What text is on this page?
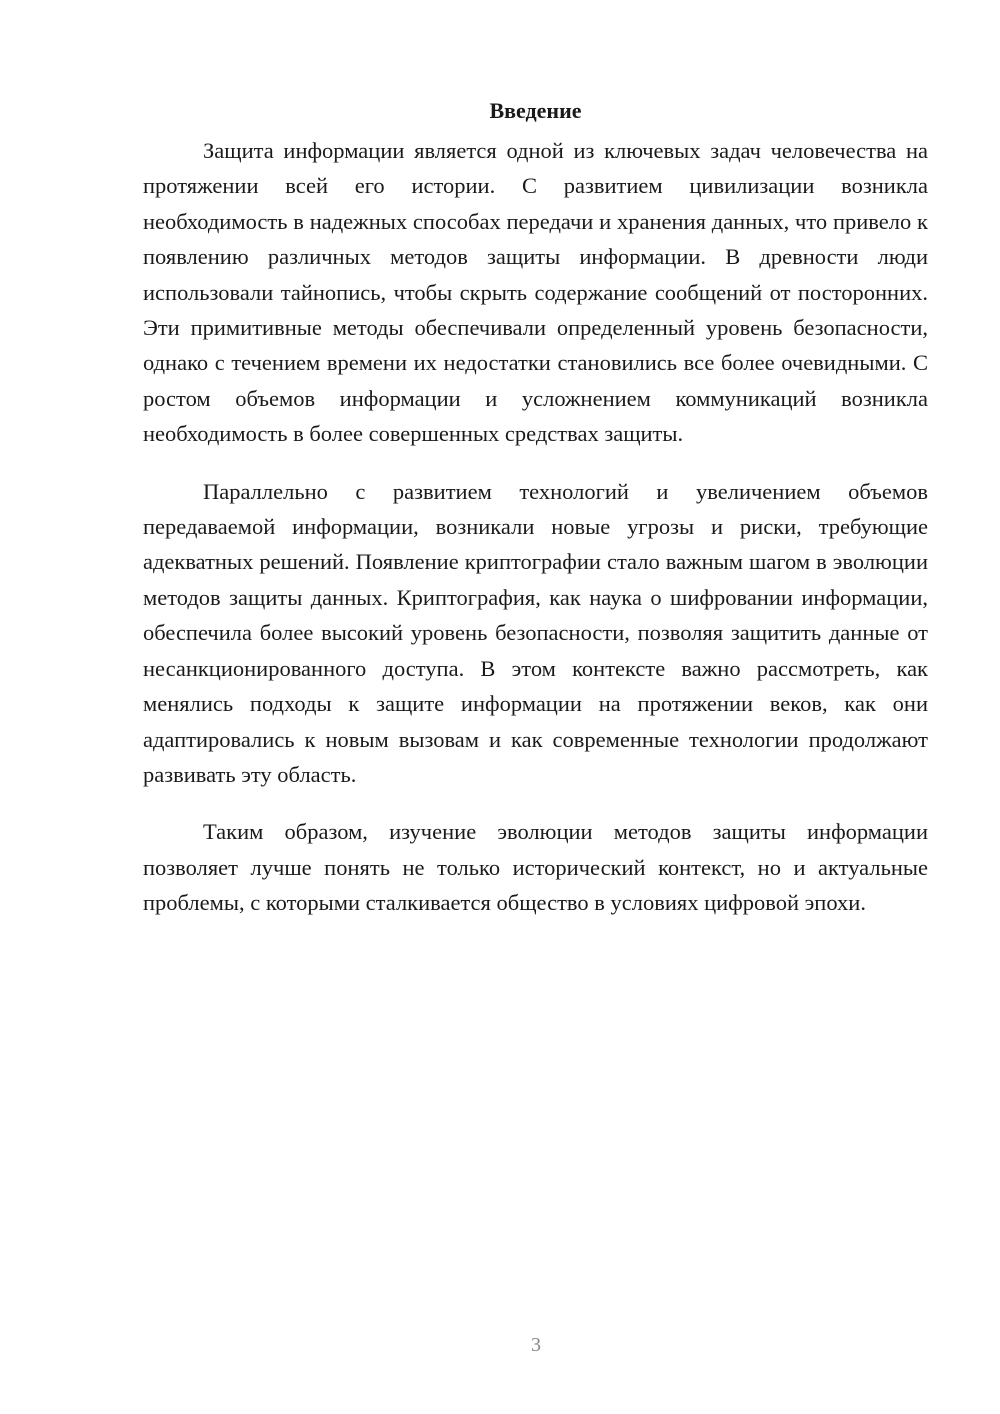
Введение

Защита информации является одной из ключевых задач человечества на протяжении всей его истории. С развитием цивилизации возникла необходимость в надежных способах передачи и хранения данных, что привело к появлению различных методов защиты информации. В древности люди использовали тайнопись, чтобы скрыть содержание сообщений от посторонних. Эти примитивные методы обеспечивали определенный уровень безопасности, однако с течением времени их недостатки становились все более очевидными. С ростом объемов информации и усложнением коммуникаций возникла необходимость в более совершенных средствах защиты.

Параллельно с развитием технологий и увеличением объемов передаваемой информации, возникали новые угрозы и риски, требующие адекватных решений. Появление криптографии стало важным шагом в эволюции методов защиты данных. Криптография, как наука о шифровании информации, обеспечила более высокий уровень безопасности, позволяя защитить данные от несанкционированного доступа. В этом контексте важно рассмотреть, как менялись подходы к защите информации на протяжении веков, как они адаптировались к новым вызовам и как современные технологии продолжают развивать эту область.

Таким образом, изучение эволюции методов защиты информации позволяет лучше понять не только исторический контекст, но и актуальные проблемы, с которыми сталкивается общество в условиях цифровой эпохи.

3
